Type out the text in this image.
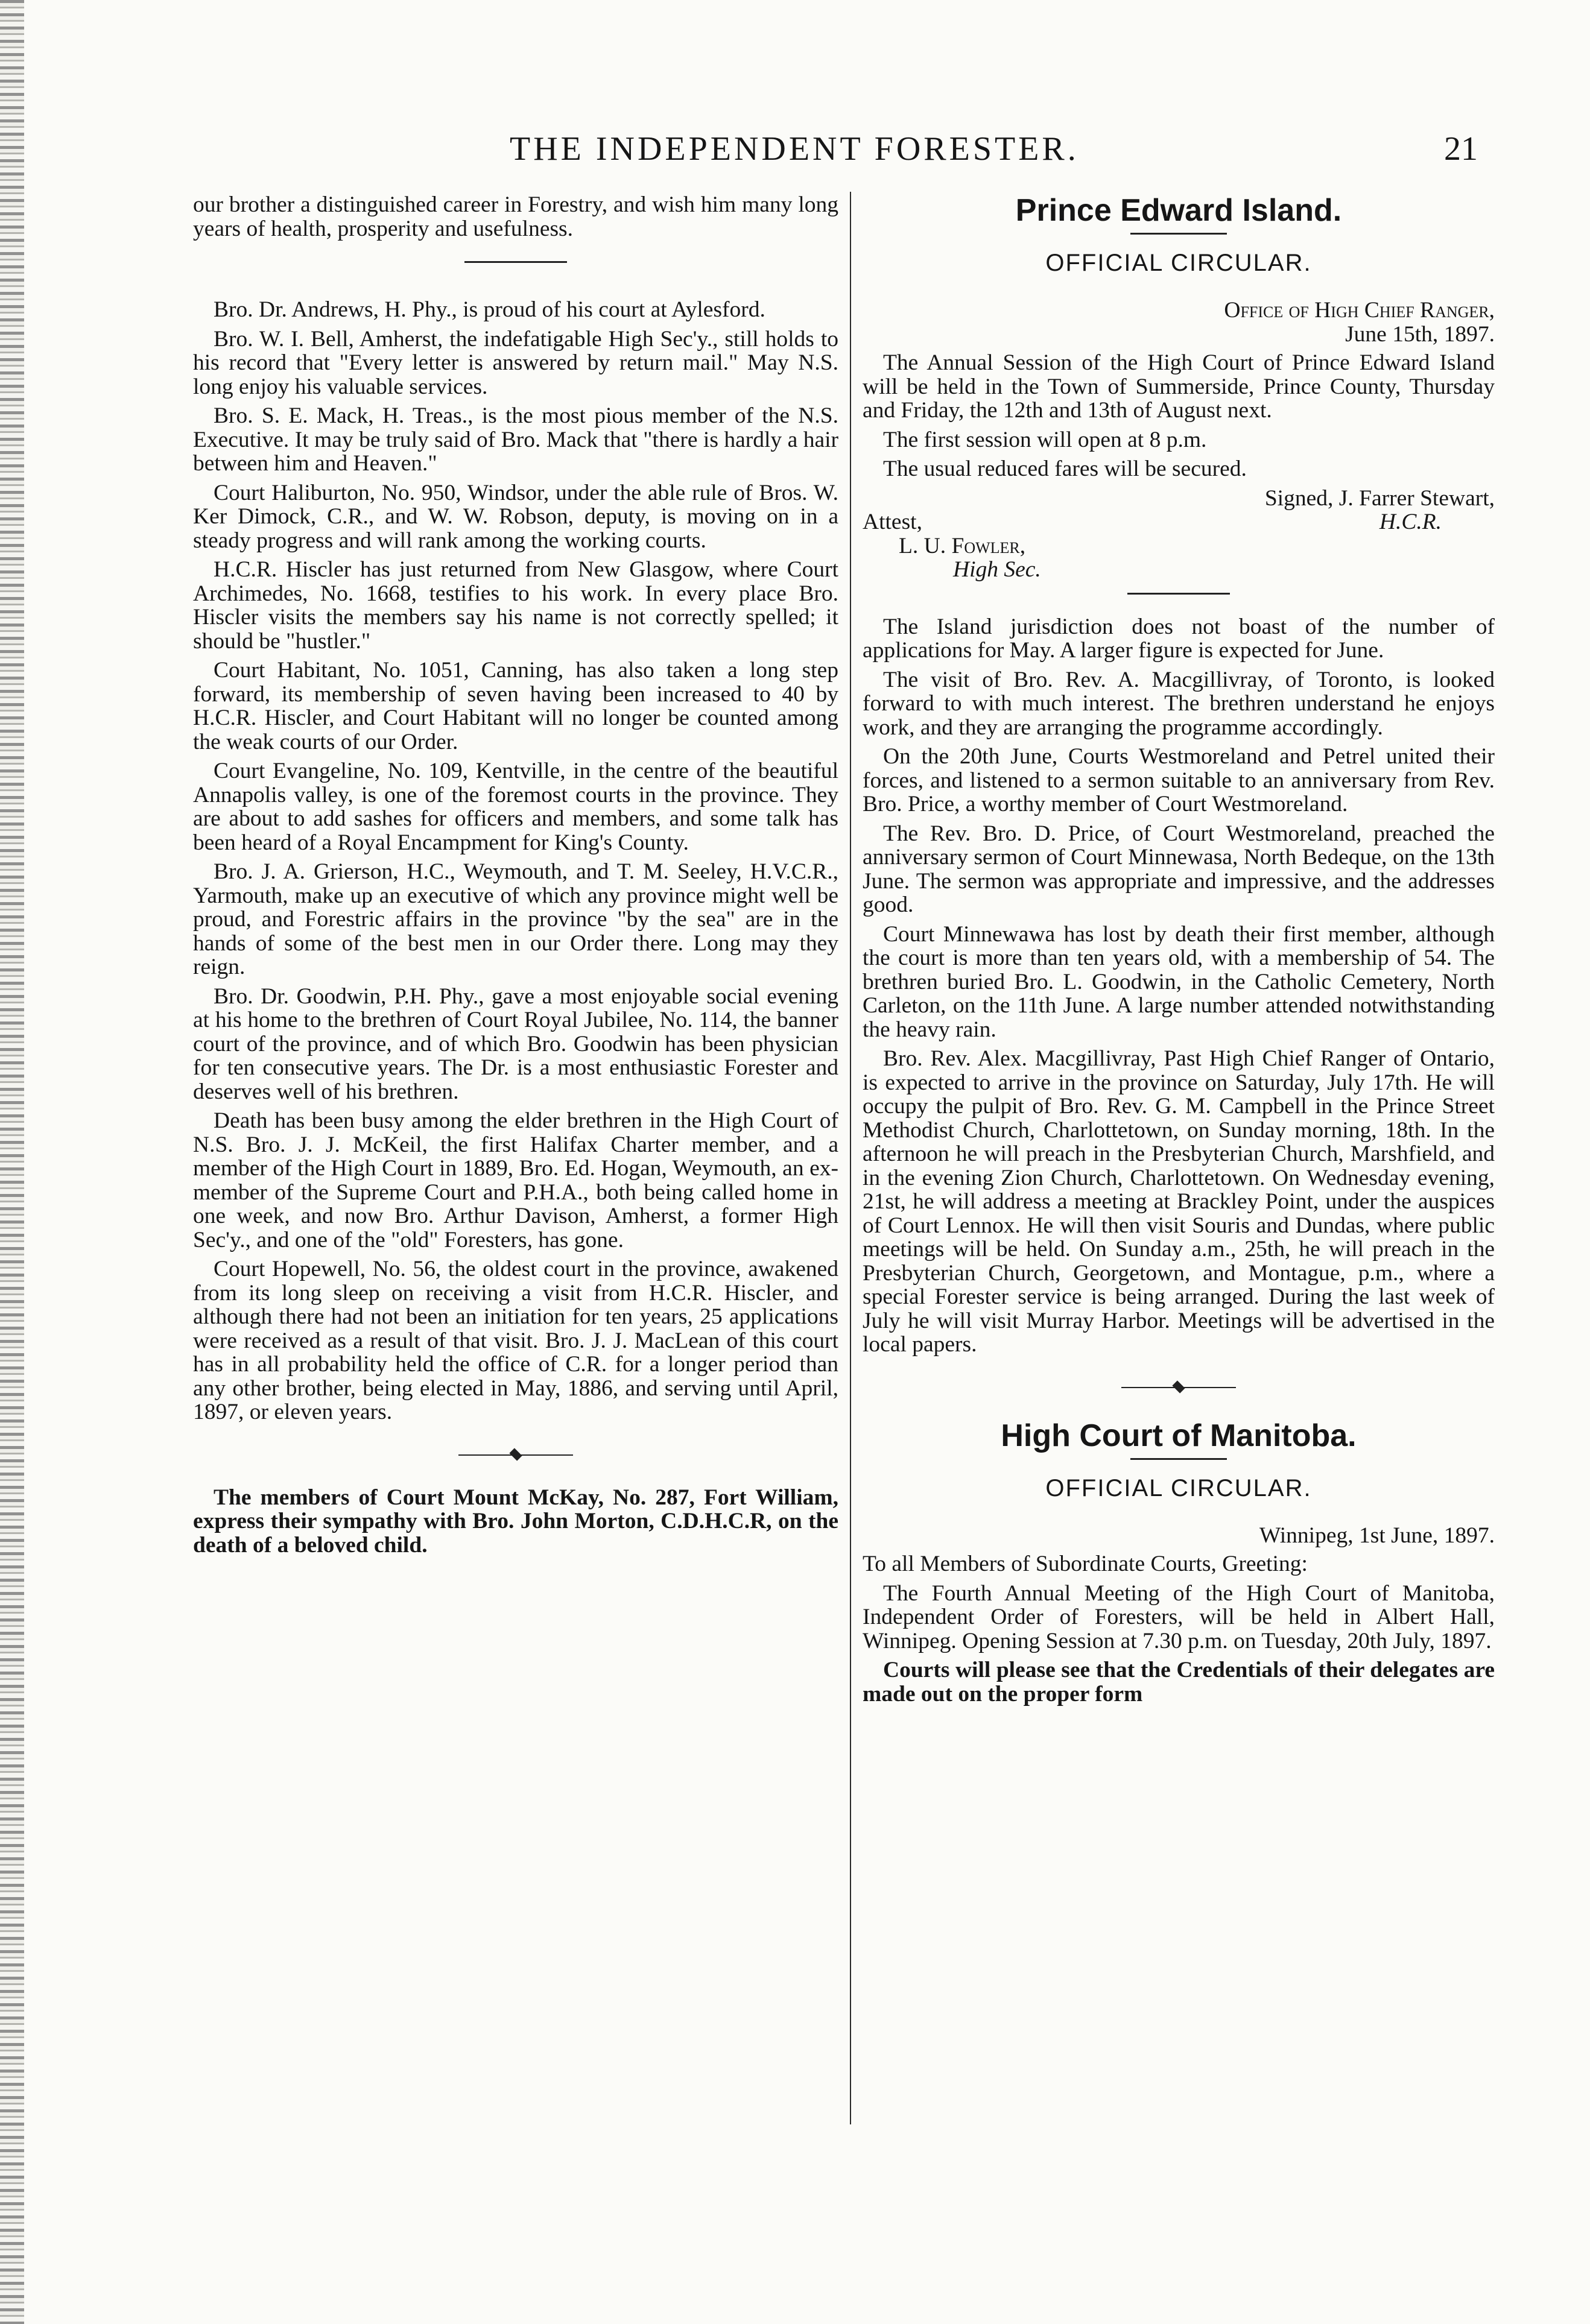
THE INDEPENDENT FORESTER.	21

our brother a distinguished career in Forestry, and wish him many long years of health, prosperity and usefulness.

Bro. Dr. Andrews, H. Phy., is proud of his court at Aylesford.

Bro. W. I. Bell, Amherst, the indefatigable High Sec'y., still holds to his record that "Every letter is answered by return mail." May N.S. long enjoy his valuable services.

Bro. S. E. Mack, H. Treas., is the most pious member of the N.S. Executive. It may be truly said of Bro. Mack that "there is hardly a hair between him and Heaven."

Court Haliburton, No. 950, Windsor, under the able rule of Bros. W. Ker Dimock, C.R., and W. W. Robson, deputy, is moving on in a steady progress and will rank among the working courts.

H.C.R. Hiscler has just returned from New Glasgow, where Court Archimedes, No. 1668, testifies to his work. In every place Bro. Hiscler visits the members say his name is not correctly spelled; it should be "hustler."

Court Habitant, No. 1051, Canning, has also taken a long step forward, its membership of seven having been increased to 40 by H.C.R. Hiscler, and Court Habitant will no longer be counted among the weak courts of our Order.

Court Evangeline, No. 109, Kentville, in the centre of the beautiful Annapolis valley, is one of the foremost courts in the province. They are about to add sashes for officers and members, and some talk has been heard of a Royal Encampment for King's County.

Bro. J. A. Grierson, H.C., Weymouth, and T. M. Seeley, H.V.C.R., Yarmouth, make up an executive of which any province might well be proud, and Forestric affairs in the province "by the sea" are in the hands of some of the best men in our Order there. Long may they reign.

Bro. Dr. Goodwin, P.H. Phy., gave a most enjoyable social evening at his home to the brethren of Court Royal Jubilee, No. 114, the banner court of the province, and of which Bro. Goodwin has been physician for ten consecutive years. The Dr. is a most enthusiastic Forester and deserves well of his brethren.

Death has been busy among the elder brethren in the High Court of N.S. Bro. J. J. McKeil, the first Halifax Charter member, and a member of the High Court in 1889, Bro. Ed. Hogan, Weymouth, an ex-member of the Supreme Court and P.H.A., both being called home in one week, and now Bro. Arthur Davison, Amherst, a former High Sec'y., and one of the "old" Foresters, has gone.

Court Hopewell, No. 56, the oldest court in the province, awakened from its long sleep on receiving a visit from H.C.R. Hiscler, and although there had not been an initiation for ten years, 25 applications were received as a result of that visit. Bro. J. J. MacLean of this court has in all probability held the office of C.R. for a longer period than any other brother, being elected in May, 1886, and serving until April, 1897, or eleven years.

The members of Court Mount McKay, No. 287, Fort William, express their sympathy with Bro. John Morton, C.D.H.C.R, on the death of a beloved child.

Prince Edward Island.
OFFICIAL CIRCULAR.

Office of High Chief Ranger,

June 15th, 1897.

The Annual Session of the High Court of Prince Edward Island will be held in the Town of Summerside, Prince County, Thursday and Friday, the 12th and 13th of August next.

The first session will open at 8 p.m.

The usual reduced fares will be secured.

Signed, J. Farrer Stewart,

Attest,	H.C.R.

L. U. Fowler,

High Sec.

The Island jurisdiction does not boast of the number of applications for May. A larger figure is expected for June.

The visit of Bro. Rev. A. Macgillivray, of Toronto, is looked forward to with much interest. The brethren understand he enjoys work, and they are arranging the programme accordingly.

On the 20th June, Courts Westmoreland and Petrel united their forces, and listened to a sermon suitable to an anniversary from Rev. Bro. Price, a worthy member of Court Westmoreland.

The Rev. Bro. D. Price, of Court Westmoreland, preached the anniversary sermon of Court Minnewasa, North Bedeque, on the 13th June. The sermon was appropriate and impressive, and the addresses good.

Court Minnewawa has lost by death their first member, although the court is more than ten years old, with a membership of 54. The brethren buried Bro. L. Goodwin, in the Catholic Cemetery, North Carleton, on the 11th June. A large number attended notwithstanding the heavy rain.

Bro. Rev. Alex. Macgillivray, Past High Chief Ranger of Ontario, is expected to arrive in the province on Saturday, July 17th. He will occupy the pulpit of Bro. Rev. G. M. Campbell in the Prince Street Methodist Church, Charlottetown, on Sunday morning, 18th. In the afternoon he will preach in the Presbyterian Church, Marshfield, and in the evening Zion Church, Charlottetown. On Wednesday evening, 21st, he will address a meeting at Brackley Point, under the auspices of Court Lennox. He will then visit Souris and Dundas, where public meetings will be held. On Sunday a.m., 25th, he will preach in the Presbyterian Church, Georgetown, and Montague, p.m., where a special Forester service is being arranged. During the last week of July he will visit Murray Harbor. Meetings will be advertised in the local papers.

High Court of Manitoba.
OFFICIAL CIRCULAR.

Winnipeg, 1st June, 1897.

To all Members of Subordinate Courts, Greeting:

The Fourth Annual Meeting of the High Court of Manitoba, Independent Order of Foresters, will be held in Albert Hall, Winnipeg. Opening Session at 7.30 p.m. on Tuesday, 20th July, 1897.

Courts will please see that the Credentials of their delegates are made out on the proper form
